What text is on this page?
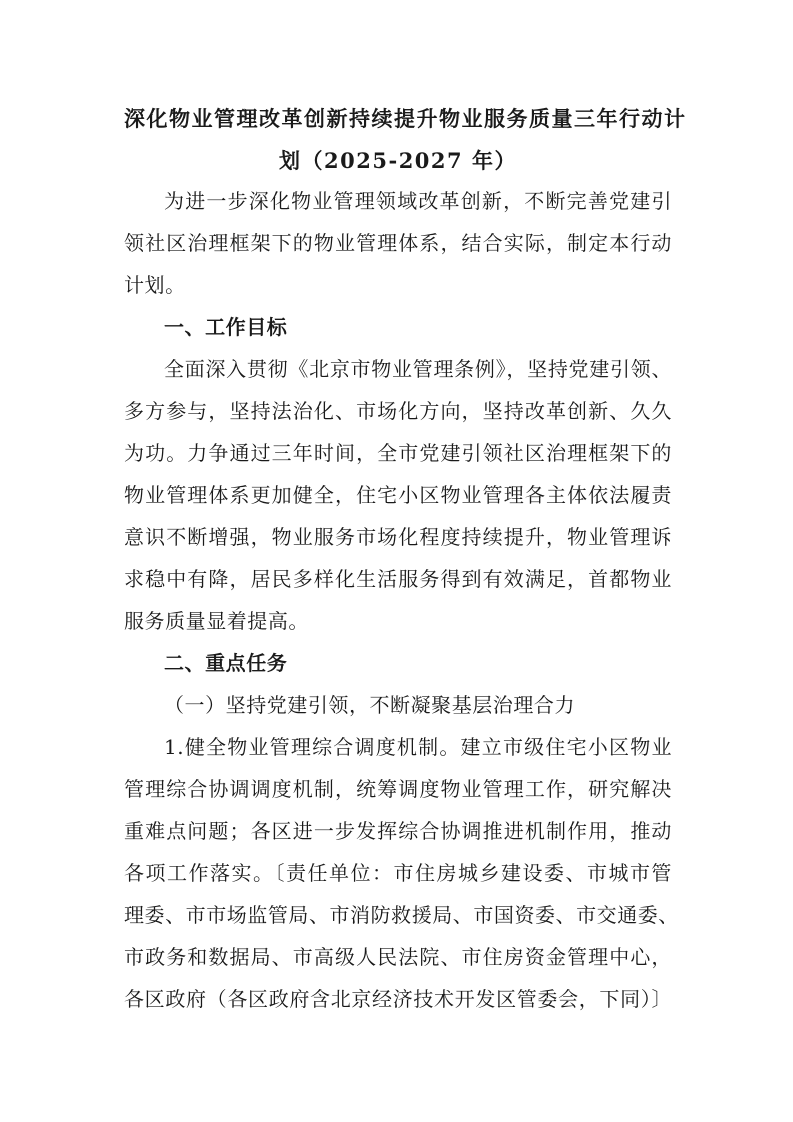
深化物业管理改革创新持续提升物业服务质量三年行动计
划（2025-2027 年）
为进一步深化物业管理领域改革创新，不断完善党建引
领社区治理框架下的物业管理体系，结合实际，制定本行动
计划。
一、工作目标
全面深入贯彻《北京市物业管理条例》，坚持党建引领、
多方参与，坚持法治化、市场化方向，坚持改革创新、久久
为功。力争通过三年时间，全市党建引领社区治理框架下的
物业管理体系更加健全，住宅小区物业管理各主体依法履责
意识不断增强，物业服务市场化程度持续提升，物业管理诉
求稳中有降，居民多样化生活服务得到有效满足，首都物业
服务质量显着提高。
二、重点任务
（一）坚持党建引领，不断凝聚基层治理合力
1.健全物业管理综合调度机制。建立市级住宅小区物业
管理综合协调调度机制，统筹调度物业管理工作，研究解决
重难点问题；各区进一步发挥综合协调推进机制作用，推动
各项工作落实。〔责任单位：市住房城乡建设委、市城市管
理委、市市场监管局、市消防救援局、市国资委、市交通委、
市政务和数据局、市高级人民法院、市住房资金管理中心，
各区政府（各区政府含北京经济技术开发区管委会，下同）〕
